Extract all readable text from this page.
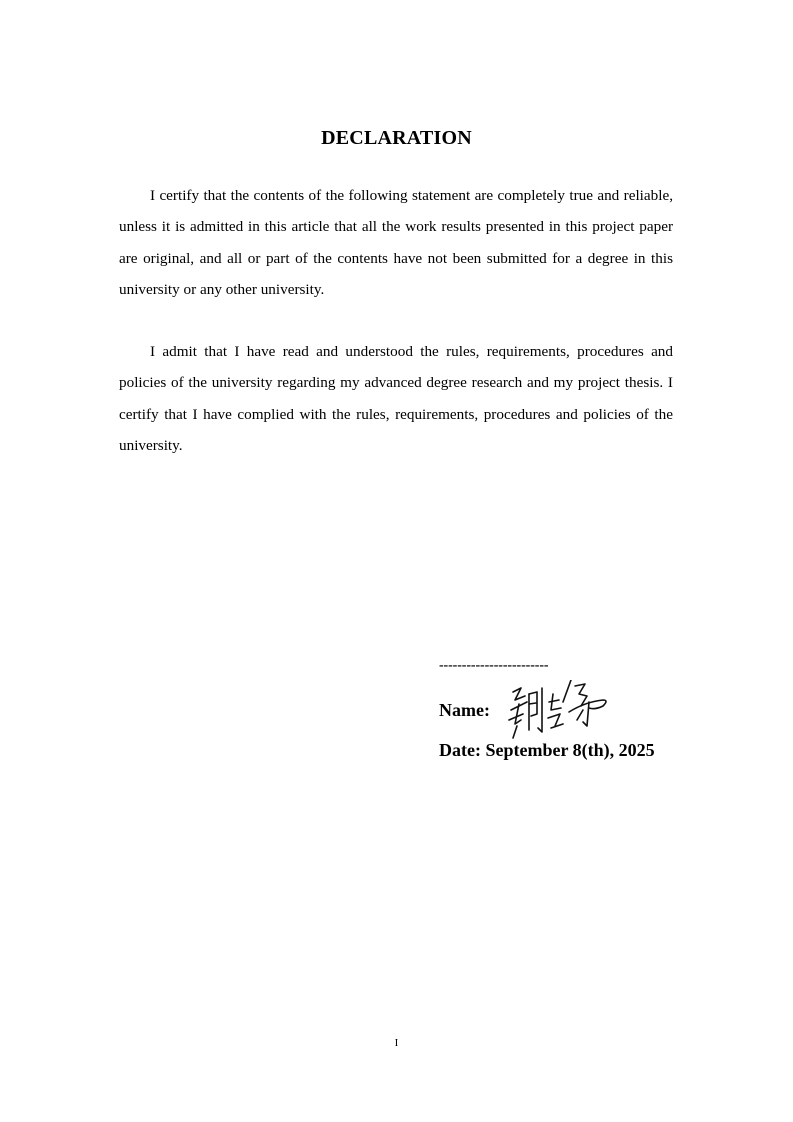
DECLARATION

I certify that the contents of the following statement are completely true and reliable, unless it is admitted in this article that all the work results presented in this project paper are original, and all or part of the contents have not been submitted for a degree in this university or any other university.

I admit that I have read and understood the rules, requirements, procedures and policies of the university regarding my advanced degree research and my project thesis. I certify that I have complied with the rules, requirements, procedures and policies of the university.

------------------------
Name:
Date: September 8(th), 2025
I
